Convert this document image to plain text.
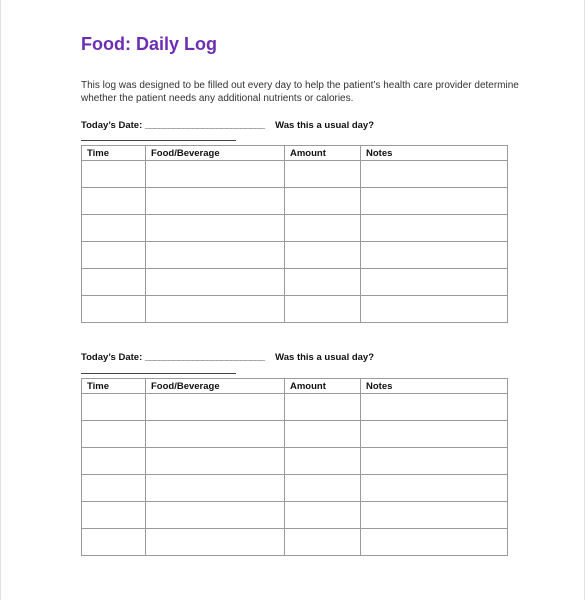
Food: Daily Log
This log was designed to be filled out every day to help the patient’s health care provider determine whether the patient needs any additional nutrients or calories.
Today’s Date: _________________________ Was this a usual day?
Time	Food/Beverage	Amount	Notes

Today’s Date: _________________________ Was this a usual day?
Time	Food/Beverage	Amount	Notes
